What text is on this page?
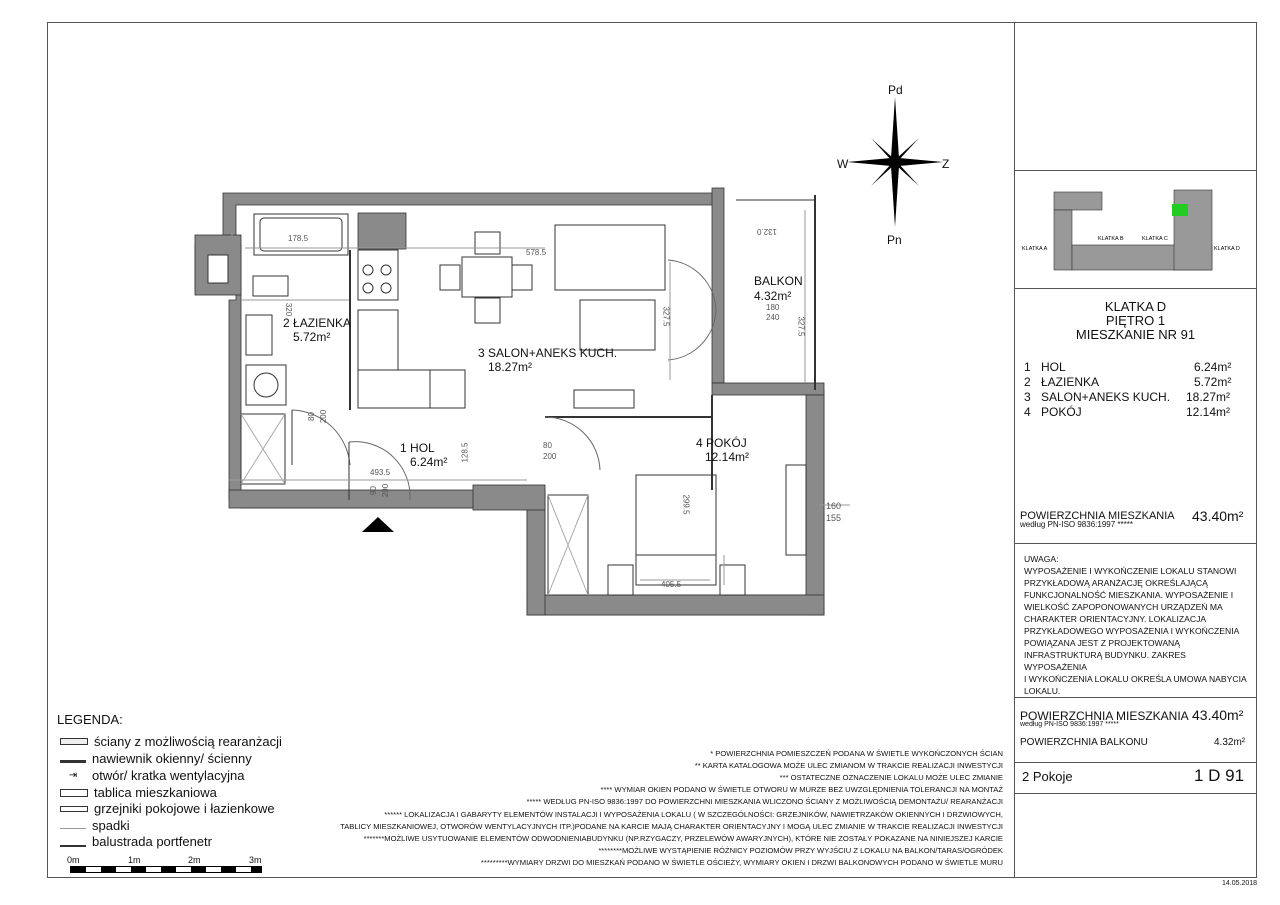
Pd
W	Z
Pn
2 ŁAZIENKA
5.72m²
3 SALON+ANEKS KUCH.
18.27m²
1 HOL
6.24m²
4 POKÓJ
12.14m²
BALKON
4.32m²
178.5
578.5
320
80 200
493.5
90 200
128.5	80
200
327.5	180
240
132.0
327.5
299.5
405.5
160
155
KLATKA A
KLATKA B	KLATKA C
KLATKA D
KLATKA D
PIĘTRO 1
MIESZKANIE NR 91
1 HOL	6.24m²
2 ŁAZIENKA	5.72m²
3 SALON+ANEKS KUCH. 18.27m²
4 POKÓJ	12.14m²
POWIERZCHNIA MIESZKANIA
według PN-ISO 9836:1997 *****
43.40m²
UWAGA:
WYPOSAŻENIE I WYKOŃCZENIE LOKALU STANOWI
PRZYKŁADOWĄ ARANŻACJĘ OKREŚLAJĄCĄ
FUNKCJONALNOŚĆ MIESZKANIA. WYPOSAŻENIE I
WIELKOŚĆ ZAPOPONOWANYCH URZĄDZEŃ MA
CHARAKTER ORIENTACYJNY. LOKALIZACJA
PRZYKŁADOWEGO WYPOSAŻENIA I WYKOŃCZENIA
POWIĄZANA JEST Z PROJEKTOWANĄ
INFRASTRUKTURĄ BUDYNKU. ZAKRES WYPOSAŻENIA
I WYKOŃCZENIA LOKALU OKREŚLA UMOWA NABYCIA
LOKALU.
POWIERZCHNIA MIESZKANIA 43.40m²
według PN-ISO 9836:1997 *****
POWIERZCHNIA BALKONU	4.32m²
2 Pokoje	1 D 91
LEGENDA:
ściany z możliwością rearanżacji
nawiewnik okienny/ ścienny
⇥	otwór/ kratka wentylacyjna
tablica mieszkaniowa
grzejniki pokojowe i łazienkowe
spadki
balustrada portfenetr
0m	1m	2m	3m
* POWIERZCHNIA POMIESZCZEŃ PODANA W ŚWIETLE WYKOŃCZONYCH ŚCIAN
** KARTA KATALOGOWA MOŻE ULEC ZMIANOM W TRAKCIE REALIZACJI INWESTYCJI
*** OSTATECZNE OZNACZENIE LOKALU MOŻE ULEC ZMIANIE
**** WYMIAR OKIEN PODANO W ŚWIETLE OTWORU W MURZE BEZ UWZGLĘDNIENIA TOLERANCJI NA MONTAŻ
***** WEDŁUG PN-ISO 9836:1997 DO POWIERZCHNI MIESZKANIA WLICZONO ŚCIANY Z MOŻLIWOŚCIĄ DEMONTAŻU/ REARANŻACJI
****** LOKALIZACJA I GABARYTY ELEMENTÓW INSTALACJI I WYPOSAŻENIA LOKALU ( W SZCZEGÓLNOŚCI: GRZEJNIKÓW, NAWIETRZAKÓW OKIENNYCH I DRZWIOWYCH,
TABLICY MIESZKANIOWEJ, OTWORÓW WENTYLACYJNYCH ITP.)PODANE NA KARCIE MAJĄ CHARAKTER ORIENTACYJNY I MOGĄ ULEC ZMIANIE W TRAKCIE REALIZACJI INWESTYCJI
*******MOŻLIWE USYTUOWANIE ELEMENTÓW ODWODNIENIABUDYNKU (NP.RZYGACZY, PRZELEWÓW AWARYJNYCH), KTÓRE NIE ZOSTAŁY POKAZANE NA NINIEJSZEJ KARCIE
********MOŻLIWE WYSTĄPIENIE RÓŻNICY POZIOMÓW PRZY WYJŚCIU Z LOKALU NA BALKON/TARAS/OGRÓDEK
*********WYMIARY DRZWI DO MIESZKAŃ PODANO W ŚWIETLE OŚCIEŻY, WYMIARY OKIEN I DRZWI BALKONOWYCH PODANO W ŚWIETLE MURU
14.05.2018
